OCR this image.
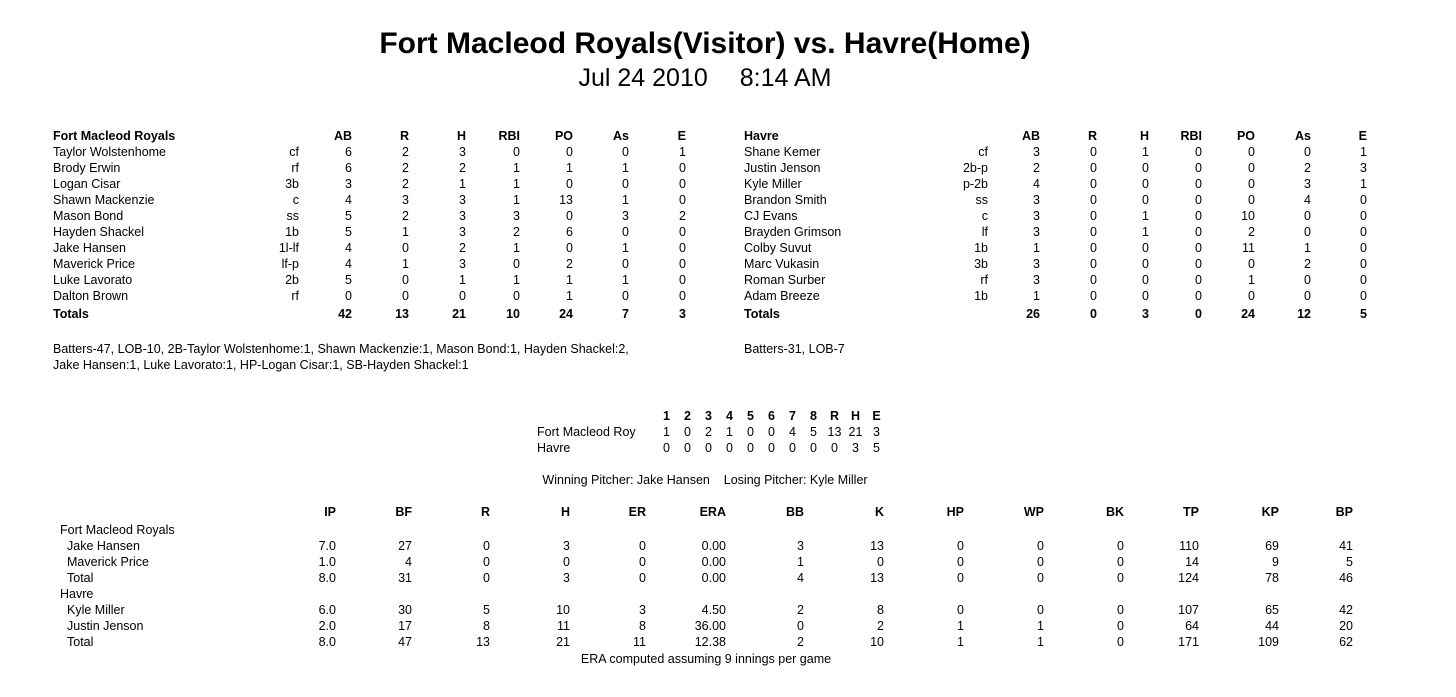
Fort Macleod Royals(Visitor) vs. Havre(Home)
Jul 24 2010 8:14 AM
Fort Macleod Royals		AB	R	H	RBI	PO	As	E
Taylor Wolstenhome	cf	6	2	3	0	0	0	1
Brody Erwin	rf	6	2	2	1	1	1	0
Logan Cisar	3b	3	2	1	1	0	0	0
Shawn Mackenzie	c	4	3	3	1	13	1	0
Mason Bond	ss	5	2	3	3	0	3	2
Hayden Shackel	1b	5	1	3	2	6	0	0
Jake Hansen	1l-lf	4	0	2	1	0	1	0
Maverick Price	lf-p	4	1	3	0	2	0	0
Luke Lavorato	2b	5	0	1	1	1	1	0
Dalton Brown	rf	0	0	0	0	1	0	0
Totals		42	13	21	10	24	7	3
Havre		AB	R	H	RBI	PO	As	E
Shane Kemer	cf	3	0	1	0	0	0	1
Justin Jenson	2b-p	2	0	0	0	0	2	3
Kyle Miller	p-2b	4	0	0	0	0	3	1
Brandon Smith	ss	3	0	0	0	0	4	0
CJ Evans	c	3	0	1	0	10	0	0
Brayden Grimson	lf	3	0	1	0	2	0	0
Colby Suvut	1b	1	0	0	0	11	1	0
Marc Vukasin	3b	3	0	0	0	0	2	0
Roman Surber	rf	3	0	0	0	1	0	0
Adam Breeze	1b	1	0	0	0	0	0	0
Totals		26	0	3	0	24	12	5
Batters-47, LOB-10, 2B-Taylor Wolstenhome:1, Shawn Mackenzie:1, Mason Bond:1, Hayden Shackel:2,
Jake Hansen:1, Luke Lavorato:1, HP-Logan Cisar:1, SB-Hayden Shackel:1
Batters-31, LOB-7
	1	2	3	4	5	6	7	8	R	H	E
Fort Macleod Roy	1	0	2	1	0	0	4	5	13	21	3
Havre	0	0	0	0	0	0	0	0	0	3	5
Winning Pitcher: Jake Hansen    Losing Pitcher: Kyle Miller
	IP	BF	R	H	ER	ERA	BB	K	HP	WP	BK	TP	KP	BP

Fort Macleod Royals														
Jake Hansen	7.0	27	0	3	0	0.00	3	13	0	0	0	110	69	41
Maverick Price	1.0	4	0	0	0	0.00	1	0	0	0	0	14	9	5
Total	8.0	31	0	3	0	0.00	4	13	0	0	0	124	78	46
Havre														
Kyle Miller	6.0	30	5	10	3	4.50	2	8	0	0	0	107	65	42
Justin Jenson	2.0	17	8	11	8	36.00	0	2	1	1	0	64	44	20
Total	8.0	47	13	21	11	12.38	2	10	1	1	0	171	109	62
ERA computed assuming 9 innings per game
